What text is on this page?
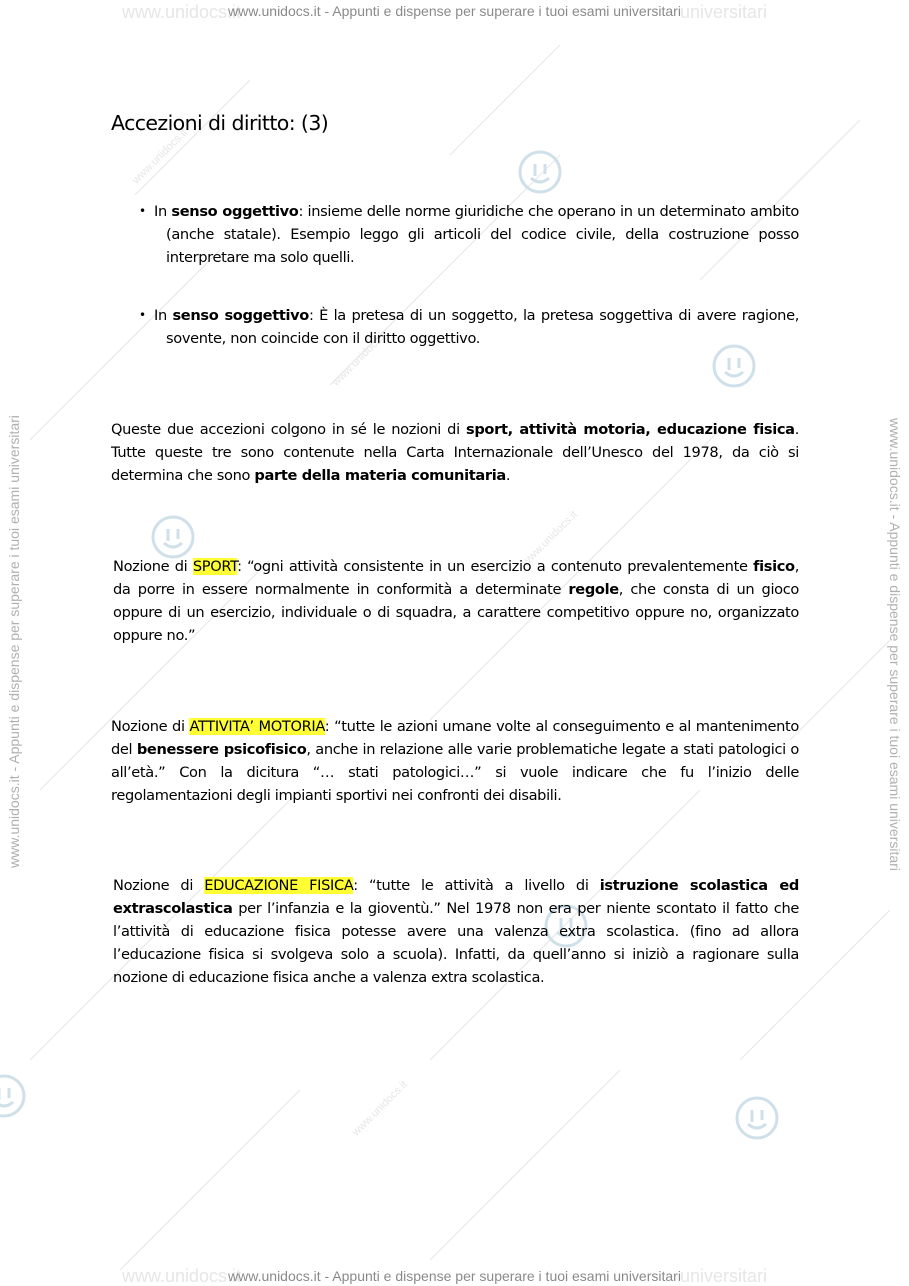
www.unidocs.it	universitari
www.unidocs.it	universitari
www.unidocs.it - Appunti e dispense per superare i tuoi esami universitari
www.unidocs.it - Appunti e dispense per superare i tuoi esami universitari
www.unidocs.it - Appunti e dispense per superare i tuoi esami universitari	www.unidocs.it - Appunti e dispense per superare i tuoi esami universitari
www.unidocs.it
www.unidocs.it
www.unidocs.it
www.unidocs.it
Accezioni di diritto: (3)
• In senso oggettivo: insieme delle norme giuridiche che operano in un determinato ambito (anche statale). Esempio leggo gli articoli del codice civile, della costruzione posso interpretare ma solo quelli.

• In senso soggettivo: È la pretesa di un soggetto, la pretesa soggettiva di avere ragione, sovente, non coincide con il diritto oggettivo.

Queste due accezioni colgono in sé le nozioni di sport, attività motoria, educazione fisica. Tutte queste tre sono contenute nella Carta Internazionale dell’Unesco del 1978, da ciò si determina che sono parte della materia comunitaria.

Nozione di SPORT: “ogni attività consistente in un esercizio a contenuto prevalentemente fisico, da porre in essere normalmente in conformità a determinate regole, che consta di un gioco oppure di un esercizio, individuale o di squadra, a carattere competitivo oppure no, organizzato oppure no.”

Nozione di ATTIVITA’ MOTORIA: “tutte le azioni umane volte al conseguimento e al mantenimento del benessere psicofisico, anche in relazione alle varie problematiche legate a stati patologici o all’età.” Con la dicitura “… stati patologici…” si vuole indicare che fu l’inizio delle regolamentazioni degli impianti sportivi nei confronti dei disabili.

Nozione di EDUCAZIONE FISICA: “tutte le attività a livello di istruzione scolastica ed extrascolastica per l’infanzia e la gioventù.” Nel 1978 non era per niente scontato il fatto che l’attività di educazione fisica potesse avere una valenza extra scolastica. (fino ad allora l’educazione fisica si svolgeva solo a scuola). Infatti, da quell’anno si iniziò a ragionare sulla nozione di educazione fisica anche a valenza extra scolastica.
